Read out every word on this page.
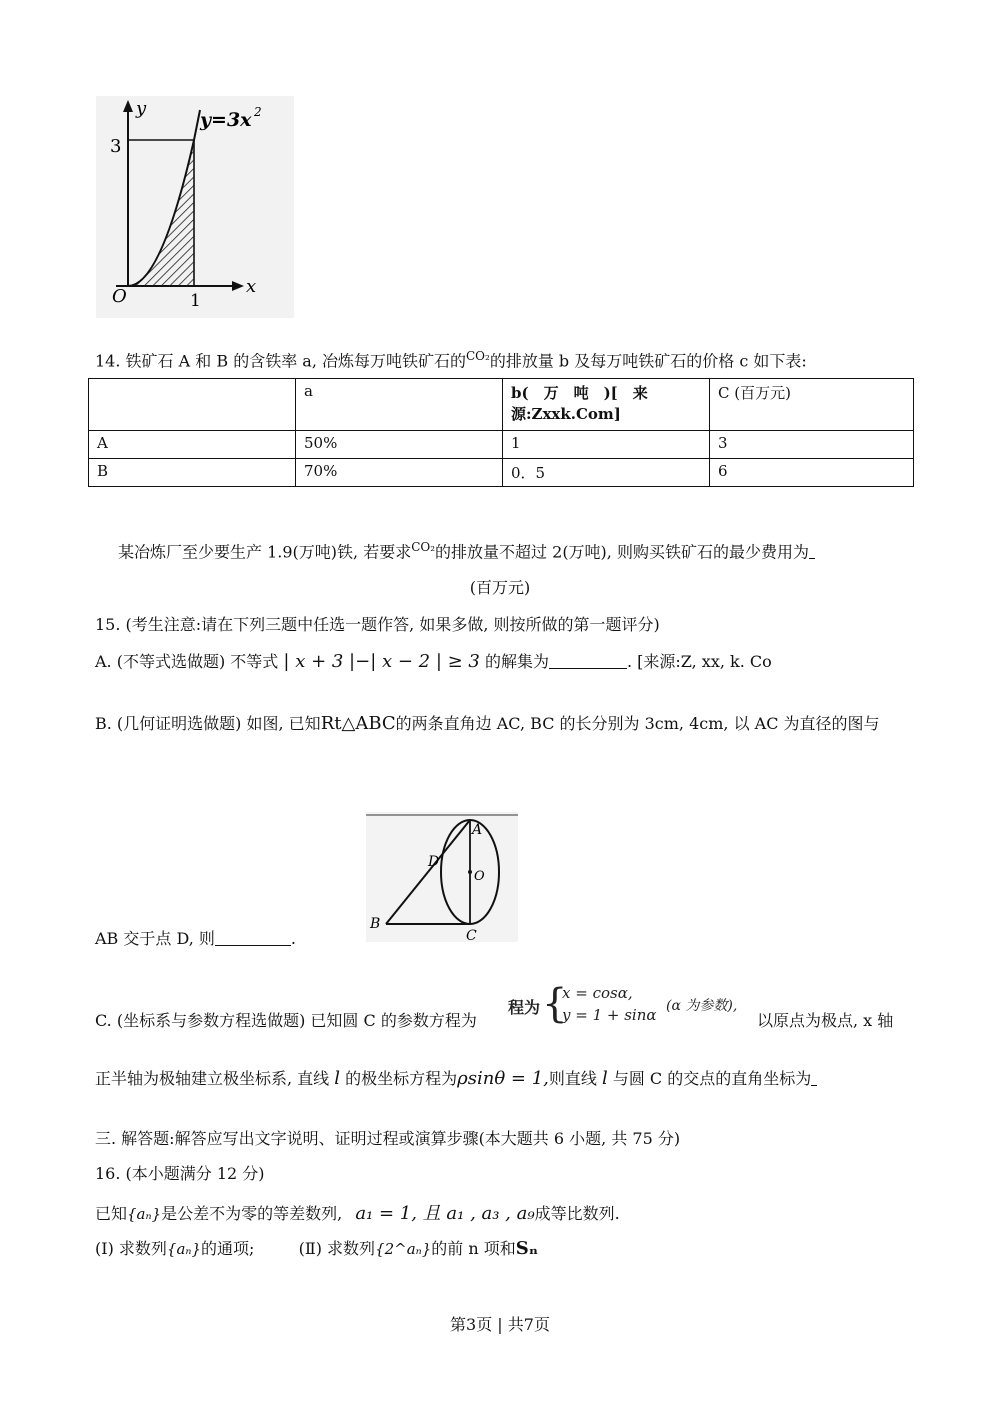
y
x
O
y=3x 2
3
1
14. 铁矿石 A 和 B 的含铁率 a, 冶炼每万吨铁矿石的$^{CO_2}$的排放量 b 及每万吨铁矿石的价格 c 如下表:
	a	b(　万　吨　)[　来源:Zxxk.Com]	C (百万元)
A	50%	1	3
B	70%	0．5	6
某冶炼厂至少要生产 1.9(万吨)铁, 若要求$^{CO_2}$的排放量不超过 2(万吨), 则购买铁矿石的最少费用为
(百万元)
15. (考生注意:请在下列三题中任选一题作答, 如果多做, 则按所做的第一题评分)
A. (不等式选做题) 不等式 | x + 3 |−| x − 2 | ≥ 3 的解集为	. [来源:Z, xx, k. Co
B. (几何证明选做题) 如图, 已知Rt△ABC的两条直角边 AC, BC 的长分别为 3cm, 4cm, 以 AC 为直径的图与
A
B
C
D
O
AB 交于点 D, 则	.
C. (坐标系与参数方程选做题) 已知圆 C 的参数方程为
程为 {
x = cosα,
y = 1 + sinα (α 为参数),
以原点为极点, x 轴
正半轴为极轴建立极坐标系, 直线 l 的极坐标方程为ρsinθ = 1,则直线 l 与圆 C 的交点的直角坐标为
三. 解答题:解答应写出文字说明、证明过程或演算步骤(本大题共 6 小题, 共 75 分)
16. (本小题满分 12 分)
已知{aₙ}是公差不为零的等差数列, a₁ = 1, 且 a₁ , a₃ , a₉成等比数列.
(Ⅰ) 求数列{aₙ}的通项;	(Ⅱ) 求数列{2^aₙ}的前 n 项和Sₙ
第3页 | 共7页
